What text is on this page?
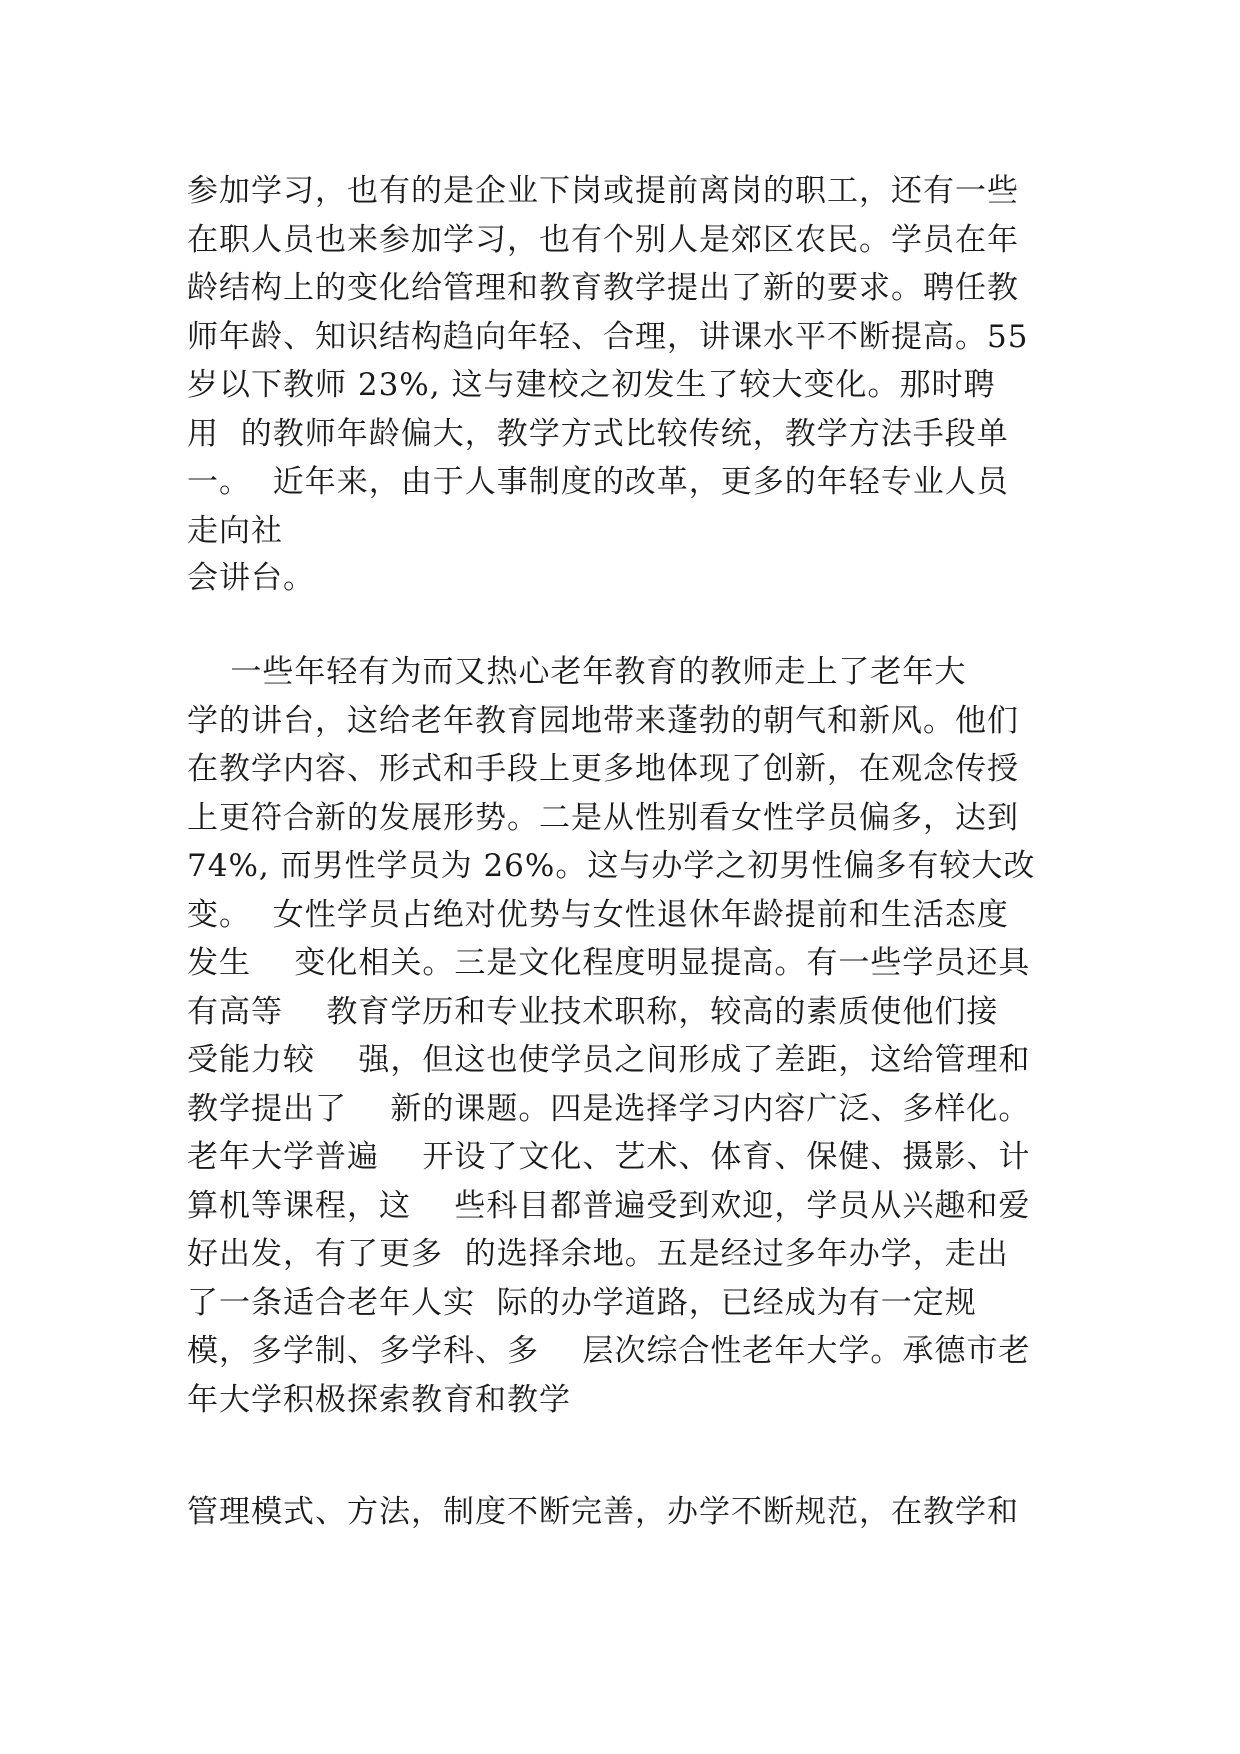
参加学习，也有的是企业下岗或提前离岗的职工，还有一些
在职人员也来参加学习，也有个别人是郊区农民。学员在年
龄结构上的变化给管理和教育教学提出了新的要求。聘任教
师年龄、知识结构趋向年轻、合理，讲课水平不断提高。55
岁以下教师 23%, 这与建校之初发生了较大变化。那时聘
用  的教师年龄偏大，教学方式比较传统，教学方法手段单
一。  近年来，由于人事制度的改革，更多的年轻专业人员
走向社
会讲台。
一些年轻有为而又热心老年教育的教师走上了老年大
学的讲台，这给老年教育园地带来蓬勃的朝气和新风。他们
在教学内容、形式和手段上更多地体现了创新，在观念传授
上更符合新的发展形势。二是从性别看女性学员偏多，达到
74%, 而男性学员为 26%。这与办学之初男性偏多有较大改
变。  女性学员占绝对优势与女性退休年龄提前和生活态度
发生    变化相关。三是文化程度明显提高。有一些学员还具
有高等    教育学历和专业技术职称，较高的素质使他们接
受能力较    强，但这也使学员之间形成了差距，这给管理和
教学提出了    新的课题。四是选择学习内容广泛、多样化。
老年大学普遍    开设了文化、艺术、体育、保健、摄影、计
算机等课程，这    些科目都普遍受到欢迎，学员从兴趣和爱
好出发，有了更多  的选择余地。五是经过多年办学，走出
了一条适合老年人实  际的办学道路，已经成为有一定规
模，多学制、多学科、多    层次综合性老年大学。承德市老
年大学积极探索教育和教学
管理模式、方法，制度不断完善，办学不断规范，在教学和
